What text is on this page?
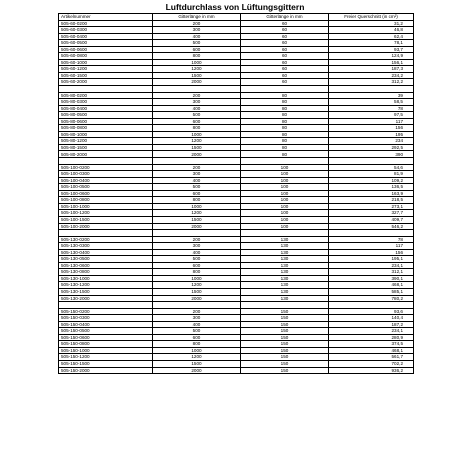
Luftdurchlass von Lüftungsgittern
Artikelnummer	Gitterlänge in mm	Gitterlänge in mm	Freier Querschnitt (in cm²)
505-60-0200	200	60	31,2
505-60-0300	300	60	46,8
505-60-0400	400	60	62,4
505-60-0500	500	60	78,1
505-60-0600	600	60	93,7
505-60-0800	800	60	124,9
505-60-1000	1000	60	156,1
505-60-1200	1200	60	187,3
505-60-1500	1500	60	234,2
505-60-2000	2000	60	312,2

505-80-0200	200	80	39
505-80-0300	300	80	58,5
505-80-0400	400	80	78
505-80-0500	500	80	97,5
505-80-0600	600	80	117
505-80-0800	800	80	156
505-80-1000	1000	80	195
505-80-1200	1200	80	234
505-80-1500	1500	80	292,5
505-80-2000	2000	80	390

505-100-0200	200	100	54,6
505-100-0300	300	100	81,9
505-100-0400	400	100	109,2
505-100-0500	500	100	136,5
505-100-0600	600	100	163,9
505-100-0800	800	100	218,5
505-100-1000	1000	100	273,1
505-100-1200	1200	100	327,7
505-100-1500	1500	100	409,7
505-100-2000	2000	100	546,2

505-130-0200	200	130	78
505-130-0300	300	130	117
505-130-0400	400	130	156
505-130-0500	500	130	195,1
505-130-0600	600	130	234,1
505-130-0800	800	130	312,1
505-130-1000	1000	130	390,1
505-130-1200	1200	130	468,1
505-130-1500	1500	130	585,1
505-130-2000	2000	130	780,2

505-150-0200	200	150	93,6
505-150-0300	300	150	140,4
505-150-0400	400	150	187,2
505-150-0500	500	150	234,1
505-150-0600	600	150	280,9
505-150-0800	800	150	374,5
505-150-1000	1000	150	468,1
505-150-1200	1200	150	561,7
505-150-1500	1500	150	702,2
505-150-2000	2000	150	936,2
